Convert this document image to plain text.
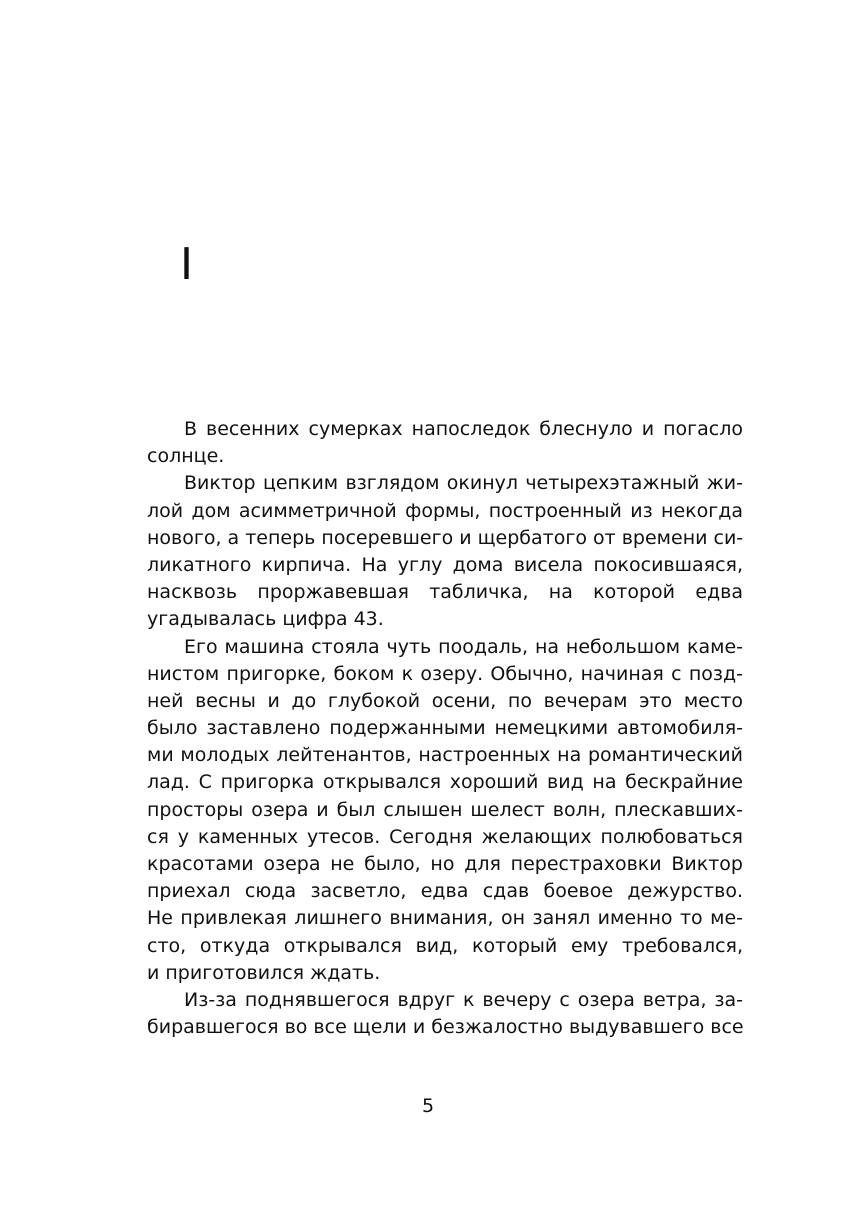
I
В весенних сумерках напоследок блеснуло и погасло
солнце.
Виктор цепким взглядом окинул четырехэтажный жи-
лой дом асимметричной формы, построенный из некогда
нового, а теперь посеревшего и щербатого от времени си-
ликатного кирпича. На углу дома висела покосившаяся,
насквозь проржавевшая табличка, на которой едва
угадывалась цифра 43.
Его машина стояла чуть поодаль, на небольшом каме-
нистом пригорке, боком к озеру. Обычно, начиная с позд-
ней весны и до глубокой осени, по вечерам это место
было заставлено подержанными немецкими автомобиля-
ми молодых лейтенантов, настроенных на романтический
лад. С пригорка открывался хороший вид на бескрайние
просторы озера и был слышен шелест волн, плескавших-
ся у каменных утесов. Сегодня желающих полюбоваться
красотами озера не было, но для перестраховки Виктор
приехал сюда засветло, едва сдав боевое дежурство.
Не привлекая лишнего внимания, он занял именно то ме-
сто, откуда открывался вид, который ему требовался,
и приготовился ждать.
Из-за поднявшегося вдруг к вечеру с озера ветра, за-
биравшегося во все щели и безжалостно выдувавшего все
5
